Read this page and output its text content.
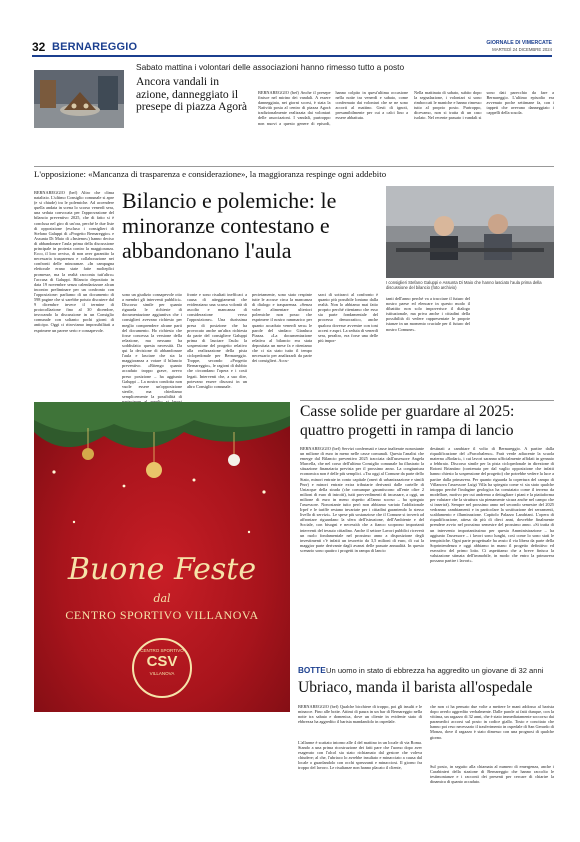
32 BERNAREGGIO	GIORNALE DI VIMERCATE
MARTEDÌ 24 DICEMBRE 2024
Sabato mattina i volontari delle associazioni hanno rimesso tutto a posto
Ancora vandali in azione, danneggiato il presepe di piazza Agorà
BERNAREGGIO (bef) Anche il presepe finisce nel mirino dei vandali. A essere danneggiata, nei giorni scorsi, è stata la Natività posta al centro di piazza Agorà tradizionalmente realizzata dai volontari delle associazioni. I vandali, purtroppo non nuovi a questo genere di episodi, hanno colpito in quest'ultima occasione nella notte tra venerdì e sabato, come confermato dai volontari che se ne sono accorti al mattino. Gesti di ignoti, presumibilmente per cui a calci lino a essere abbattuta.
Nella mattinata di sabato, subito dopo la segnalazione, i volontari si sono rimboccati le maniche e hanno rimesso tutto al proprio posto. Purtroppo, dicevamo, non si tratta di un caso isolato. Nel recente passato i vandali si sono dati parecchio da fare a Bernareggio. L'ultimo episodio era avvenuto poche settimane fa, con i tappeti che avevano danneggiato i cappelli della scuola.
L'opposizione: «Mancanza di trasparenza e considerazione», la maggioranza respinge ogni addebito
Bilancio e polemiche: le minoranze contestano e abbandonano l'aula
BERNAREGGIO (bef) Altro che clima natalizio. L'ultimo Consiglio comunale si apre (e si chiude) tra le polemiche. Ad accendere quella andata in scena lo scorso venerdì sera, una seduta convocata per l'approvazione del bilancio preventivo 2025, che di fatto si è conclusa nel giro di un'ora, perché le due liste di opposizione (escluso i consiglieri di Stefano Galuppi di «Progetto Bernareggio» e Assunta Di Maio di «Insieme») hanno deciso di abbandonare l'aula prima della discussione principale in protesta contro la maggioranza. Ecco, il loro avviso, di non aver garantito la necessaria trasparenza e collaborazione nei confronti delle minoranze. «In campagna elettorale erano state fatte molteplici promesse, ma la realtà racconta tutt'altro» l'accusa di Galuppi. Bilancio depositato in data 19 novembre senza calendarizzare alcun incontro preliminare per un confronto con l'opposizione: parliamo di un documento di 598 pagine che si sarebbe potuto discutere dal 9 dicembre invece il termine di protocollazione fino al 30 dicembre, invocando la discussione in un Consiglio comunale con soltanto pochi giorni di anticipo. Oggi ci ritroviamo impossibilitati a esprimere un parere serio e consapevole.
I consiglieri Stefano Galuppi e Assunta Di Maio che hanno lasciato l'aula prima della discussione del bilancio (foto archivio)
sono un giudizio consapevole otto a membri gli interventi pubblici». Discorso simile per quanto riguarda le richieste di documentazione aggiuntiva che i consiglieri avevano richiesto per meglio comprendere alcune parti del documento. Ho richiesto che fosse concessa la versione della relazione, ma nessuno ha soddisfatto questa necessità. Da qui la decisione di abbandonare l'aula e lasciare che sia la maggioranza a votare il bilancio preventivo. «Ritengo quanto accaduto troppo grave, avevo preso posizione – ha aggiunto Galuppi – La nostra condotta non vuole essere un'opposizione sterile, ma chiediamo semplicemente la possibilità di
fronte e sono risultati inefficaci a causa di atteggiamenti che evidenziano una scarsa volontà di ascolto e mancanza di considerazione verso l'opposizione». Una durissima presa di posizione che ha provocato anche un'altra richiesta da parte del consigliere Galuppi prima di lasciare l'aula: la sospensione del progetto relativo alla realizzazione della pista ciclopedonale per Bernareggio. Troppe, secondo «Progetto Bernareggio», le ragioni di dubbio che circondano l'opera e i costi legati. Interventi che, a suo dire, potevano essere discussi in un altro Consiglio comunale.
pecietamente, sono stato respinte tutte le accuse circa la mancanza di dialogo e trasparenza. «Senza voler alimentare ulteriori polemiche non posso che esprimere il nostro rammarico per quanto accaduto venerdì sera» le parole del sindaco Gianluca Piazza. «La documentazione relativa al bilancio era stata depositata un mese fa e riteniamo che ci sia stato tutto il tempo necessario per analizzarli da parte dei consiglieri. Accu-
sarci di sottrarci al confronto è quanto più possibile lontano dalla realtà. Non lo abbiamo mai fatto proprio perché riteniamo che esso sia parte fondamentale del processo democratico, anche qualora dovesse avvenire con toni accesi e aspri. La seduta di venerdì sera, peraltro, era forse una delle più impor-
tanti dell'anno perché va a tracciare il futuro del nostro paese ed elencare in questo modo il dibattito non solo impoverisce il dialogo istituzionale, ma priva anche i cittadini della possibilità di vedere rappresentate le proprie istanze in un momento cruciale per il futuro del nostro Comune».
Casse solide per guardare al 2025: quattro progetti in rampa di lancio
BERNAREGGIO (bef) Servizi confermati e tasse inalterate nonostante un milione di euro in meno nelle casse comunali. Questa l'analisi che emerge dal Bilancio preventivo 2025 tracciata dall'assessore Angela Marcella, che nel corso dell'ultimo Consiglio comunale ha illustrato la situazione finanziaria prevista per il prossimo anno. La congiuntura economica non è delle più semplici. «Tra oggi al Comune da parte dello Stato, minori entrate in conto capitale (oneri di urbanizzazione e simili Pnrr) e minori entrate extra tributarie derivanti dalle cartelle di Uniacque della strada (che comunque garantiscono all'ente oltre 2 milioni di euro di introiti), tutti provvedimenti di incassare, a oggi, un milione di euro in meno rispetto all'anno scorso – ha spiegato l'assessore. Nonostante tutto però non abbiamo variato l'addizionale Irpef e le tariffe restano invariate per i cittadini garantendo lo stesso livello di servizi». Le spese più sostanziose che il Comune si troverà ad affrontare riguardano la sfera dell'istruzione, dell'Ambiente e del Sociale, con bisogni e necessità che a fianco scoprono importanti interventi del tessuto cittadino. Anche il settore Lavori pubblici riceverà un ruolo fondamentale nel prossimo anno a disposizione degli investimenti c'è infatti un tesoretto da 3,5 milioni di euro, di cui la maggior parte derivante dagli avanzi delle passate annualità. In questo scenario sono quattro i progetti in rampa di lancio
destinati a cambiare il volto di Bernareggio. A partire dalla riqualificazione del «Parcobaleno». Farà verde adiacente la scuola materna «Rodari», i cui lavori saranno ufficialmente affidati in gennaio a febbraio. Discorso simile per la pista ciclopedonale in direzione di Rotoni Briantino (contenuta per dal vaglio opposizione che infatti hanno chiesto la sospensione del progetto) che potrebbe vedere la luce a partire dalla primavera. Per quanto riguarda la copertura del campo di Villanova l'assessore Luigi Villa ha spiegato come vi sia stato qualche intoppo perché l'indagine geologica ha constatato come il terreno da modellare, motivo per cui andremo a dettagliare i piani e la piattaforma per valutare che la struttura sia pienamente sicura anche nel campo che si inserirà). Sempre nel prossimo anno nel secondo semestre del 2025 vedranno cambiamenti e in particolare la sostituzione dei serramenti, scaldamento e illuminazione. Capitolo Palazzo Landriani. L'opera di riqualificazione, attesa da più di dieci anni, dovrebbe finalmente prendere avvio nel prossimo semestre del prossimo anno. «Si tratta di un intervento importantissimo per questa Amministrazione – ha aggiunto l'assessore – i lavori sono lunghi, così come lo sono stati le tempistiche. Ogni parte progettuale ha avuto il via libera da parte della Soprintendenza e oggi abbiamo in mano il progetto definitivo ed esecutivo del primo lotto. Ci aspettiamo che a breve finisca la valutazione stimata dell'immobile, in modo che entro la primavera possano partire i lavori».
Buone Feste
dal
CENTRO SPORTIVO VILLANOVA
CENTRO SPORTIVO
CSV
VILLANOVA	BOTTE Un uomo in stato di ebbrezza ha aggredito un giovane di 32 anni
Ubriaco, manda il barista all'ospedale
BERNAREGGIO (bef) Qualche bicchiere di troppo, poi gli insulti e le minacce. Fino alle botte. Attimi di paura in un bar di Bernareggio nella notte tra sabato e domenica, dove un cliente in evidente stato di ebbrezza ha aggredito il barista mandandolo in ospedale.
L'allarme è scattato intorno alle 4 del mattino in un locale di via Roma. Stando a una prima ricostruzione dei fatti pare che l'uomo dopo aver esagerato con l'alcol sia stato richiamato dal gestore che voleva chiudere; al che, l'ubriaco lo avrebbe insultato e minacciato a causa dal locale o guardandolo con occhi sprezzanti e minacciosi. Il giorno fra troppo del lavoro. Le risultanze non hanno placato il cliente,
che non ci ha pensato due volte a mettere le mani addosso al barista dopo averlo aggredito verbalmente. Dalle parole ai fatti dunque, con la vittima, un ragazzo di 32 anni, che è stato immediatamente soccorso dai paramedici accorsi sul posto in codice giallo. Tosto e concitato che hanno poi reso necessario il trasferimento in ospedale di San Gerardo di Monza, dove il ragazzo è stato dimesso con una prognosi di qualche giorno.
Sul posto, in seguito alla chiamata al numero di emergenza, anche i Carabinieri della stazione di Bernareggio che hanno raccolto le testimonianze e i racconti dei presenti per cercare di chiarire la dinamica di quanto accaduto.
